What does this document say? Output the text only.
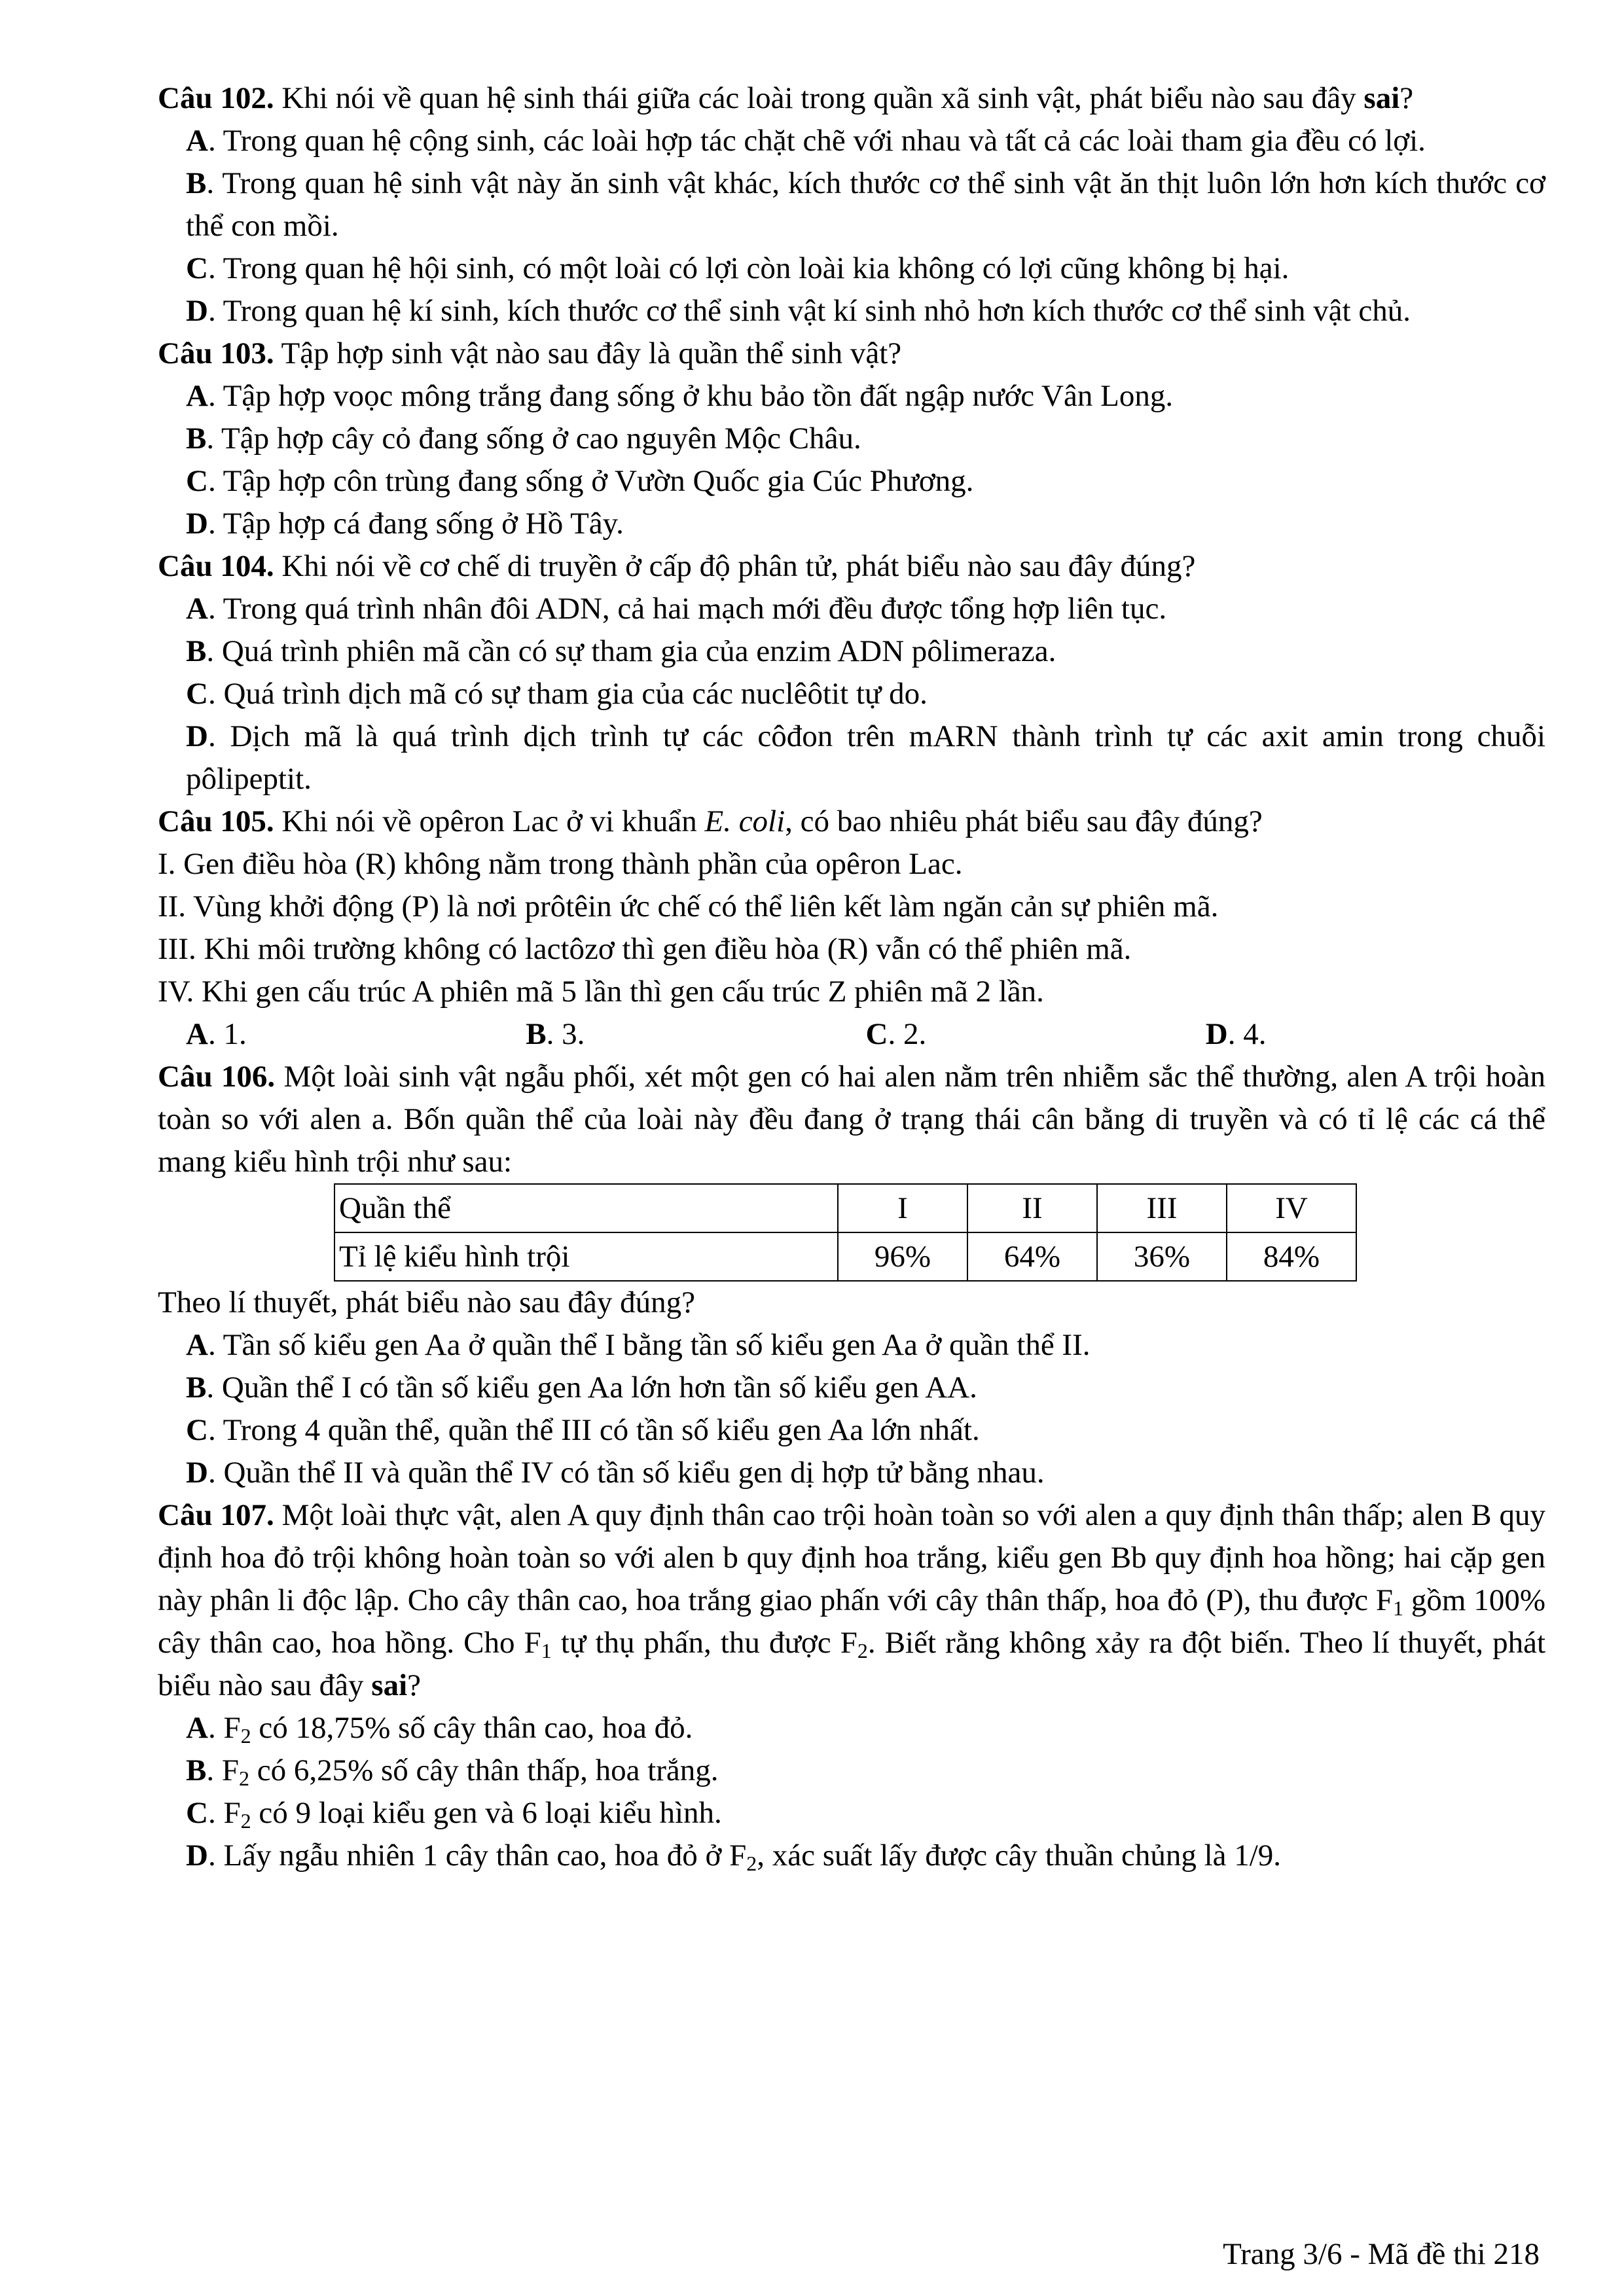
Câu 102. Khi nói về quan hệ sinh thái giữa các loài trong quần xã sinh vật, phát biểu nào sau đây sai?

A. Trong quan hệ cộng sinh, các loài hợp tác chặt chẽ với nhau và tất cả các loài tham gia đều có lợi.

B. Trong quan hệ sinh vật này ăn sinh vật khác, kích thước cơ thể sinh vật ăn thịt luôn lớn hơn kích thước cơ thể con mồi.

C. Trong quan hệ hội sinh, có một loài có lợi còn loài kia không có lợi cũng không bị hại.

D. Trong quan hệ kí sinh, kích thước cơ thể sinh vật kí sinh nhỏ hơn kích thước cơ thể sinh vật chủ.

Câu 103. Tập hợp sinh vật nào sau đây là quần thể sinh vật?

A. Tập hợp voọc mông trắng đang sống ở khu bảo tồn đất ngập nước Vân Long.

B. Tập hợp cây cỏ đang sống ở cao nguyên Mộc Châu.

C. Tập hợp côn trùng đang sống ở Vườn Quốc gia Cúc Phương.

D. Tập hợp cá đang sống ở Hồ Tây.

Câu 104. Khi nói về cơ chế di truyền ở cấp độ phân tử, phát biểu nào sau đây đúng?

A. Trong quá trình nhân đôi ADN, cả hai mạch mới đều được tổng hợp liên tục.

B. Quá trình phiên mã cần có sự tham gia của enzim ADN pôlimeraza.

C. Quá trình dịch mã có sự tham gia của các nuclêôtit tự do.

D. Dịch mã là quá trình dịch trình tự các côđon trên mARN thành trình tự các axit amin trong chuỗi pôlipeptit.

Câu 105. Khi nói về opêron Lac ở vi khuẩn E. coli, có bao nhiêu phát biểu sau đây đúng?

I. Gen điều hòa (R) không nằm trong thành phần của opêron Lac.

II. Vùng khởi động (P) là nơi prôtêin ức chế có thể liên kết làm ngăn cản sự phiên mã.

III. Khi môi trường không có lactôzơ thì gen điều hòa (R) vẫn có thể phiên mã.

IV. Khi gen cấu trúc A phiên mã 5 lần thì gen cấu trúc Z phiên mã 2 lần.

A. 1.	B. 3.	C. 2.	D. 4.

Câu 106. Một loài sinh vật ngẫu phối, xét một gen có hai alen nằm trên nhiễm sắc thể thường, alen A trội hoàn toàn so với alen a. Bốn quần thể của loài này đều đang ở trạng thái cân bằng di truyền và có tỉ lệ các cá thể mang kiểu hình trội như sau:

Quần thể	I	II	III	IV
Tỉ lệ kiểu hình trội	96%	64%	36%	84%

Theo lí thuyết, phát biểu nào sau đây đúng?

A. Tần số kiểu gen Aa ở quần thể I bằng tần số kiểu gen Aa ở quần thể II.

B. Quần thể I có tần số kiểu gen Aa lớn hơn tần số kiểu gen AA.

C. Trong 4 quần thể, quần thể III có tần số kiểu gen Aa lớn nhất.

D. Quần thể II và quần thể IV có tần số kiểu gen dị hợp tử bằng nhau.

Câu 107. Một loài thực vật, alen A quy định thân cao trội hoàn toàn so với alen a quy định thân thấp; alen B quy định hoa đỏ trội không hoàn toàn so với alen b quy định hoa trắng, kiểu gen Bb quy định hoa hồng; hai cặp gen này phân li độc lập. Cho cây thân cao, hoa trắng giao phấn với cây thân thấp, hoa đỏ (P), thu được $F_1$ gồm 100% cây thân cao, hoa hồng. Cho $F_1$ tự thụ phấn, thu được $F_2$. Biết rằng không xảy ra đột biến. Theo lí thuyết, phát biểu nào sau đây sai?

A. $F_2$ có 18,75% số cây thân cao, hoa đỏ.

B. $F_2$ có 6,25% số cây thân thấp, hoa trắng.

C. $F_2$ có 9 loại kiểu gen và 6 loại kiểu hình.

D. Lấy ngẫu nhiên 1 cây thân cao, hoa đỏ ở $F_2$, xác suất lấy được cây thuần chủng là 1/9.

Trang 3/6 - Mã đề thi 218
